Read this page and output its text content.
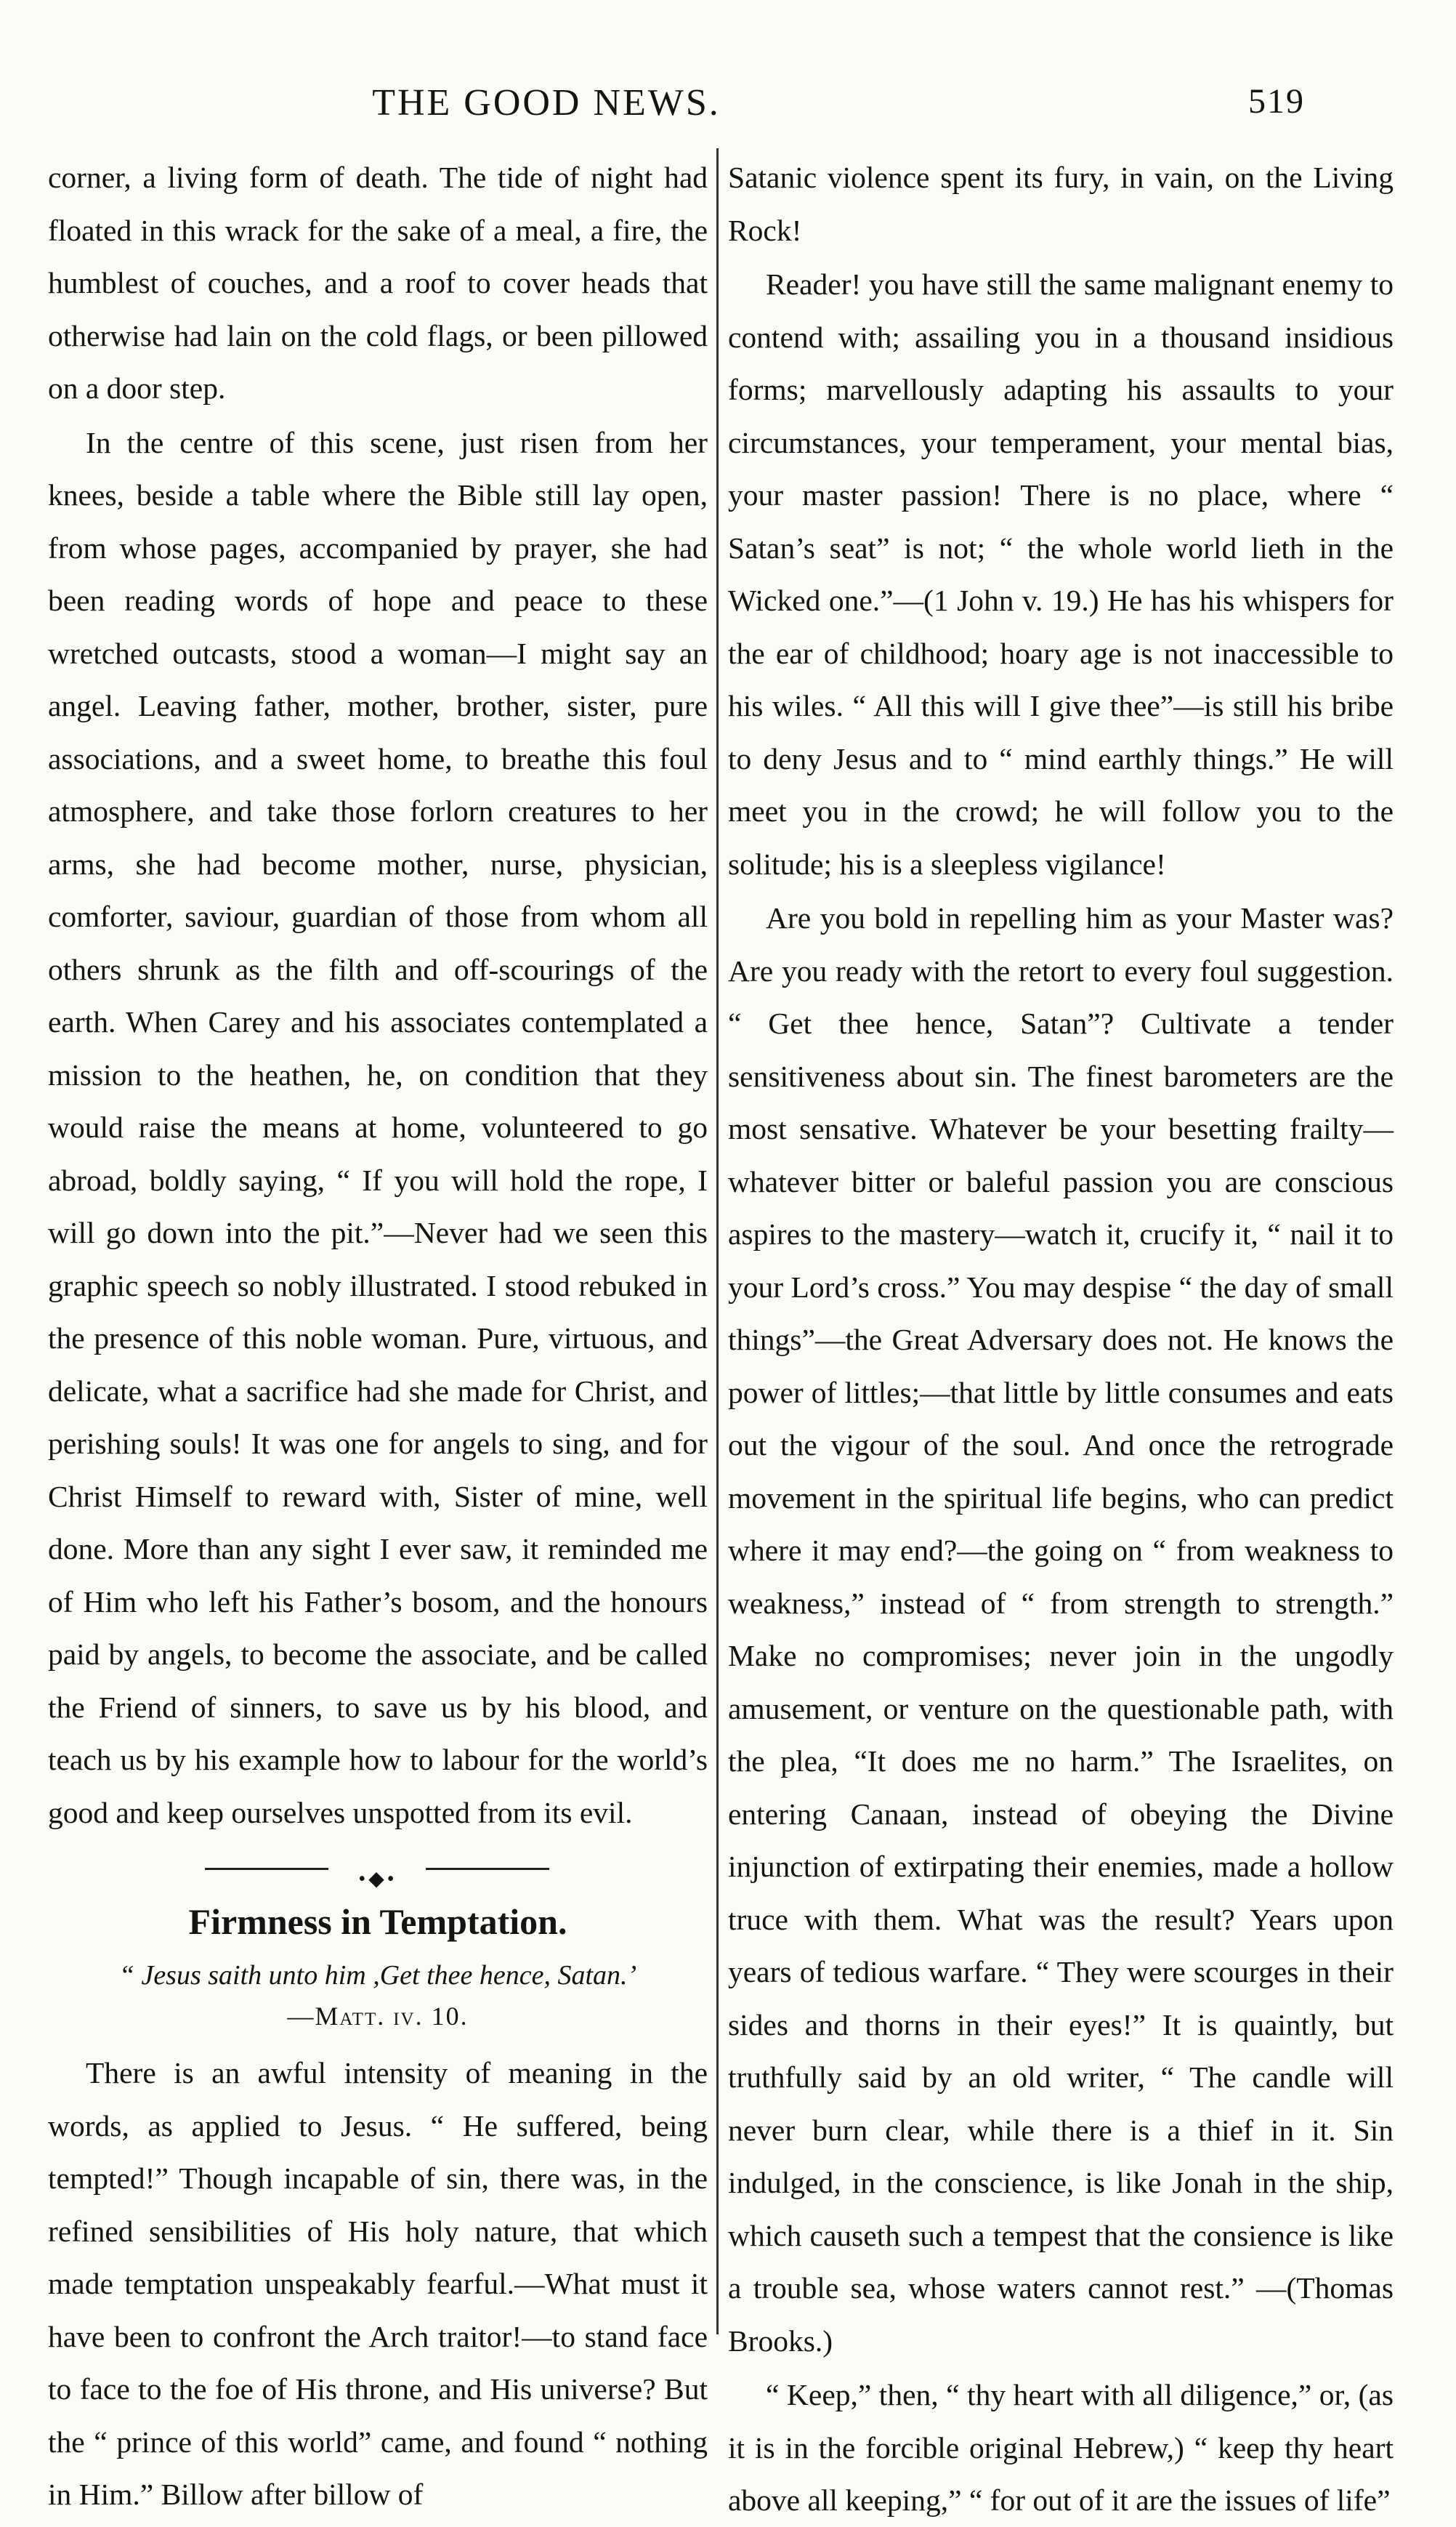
THE GOOD NEWS.	519

corner, a living form of death. The tide of night had floated in this wrack for the sake of a meal, a fire, the humblest of couches, and a roof to cover heads that otherwise had lain on the cold flags, or been pillowed on a door step.

In the centre of this scene, just risen from her knees, beside a table where the Bible still lay open, from whose pages, accompanied by prayer, she had been reading words of hope and peace to these wretched outcasts, stood a woman—I might say an angel. Leaving father, mother, brother, sister, pure associations, and a sweet home, to breathe this foul atmosphere, and take those forlorn creatures to her arms, she had become mother, nurse, physician, comforter, saviour, guardian of those from whom all others shrunk as the filth and off-scourings of the earth. When Carey and his associates contemplated a mission to the heathen, he, on condition that they would raise the means at home, volunteered to go abroad, boldly saying, “ If you will hold the rope, I will go down into the pit.”—Never had we seen this graphic speech so nobly illustrated. I stood rebuked in the presence of this noble woman. Pure, virtuous, and delicate, what a sacrifice had she made for Christ, and perishing souls! It was one for angels to sing, and for Christ Himself to reward with, Sister of mine, well done. More than any sight I ever saw, it reminded me of Him who left his Father’s bosom, and the honours paid by angels, to become the associate, and be called the Friend of sinners, to save us by his blood, and teach us by his example how to labour for the world’s good and keep ourselves unspotted from its evil.

•◆•
Firmness in Temptation.
“ Jesus saith unto him ,Get thee hence, Satan.’
—Matt. iv. 10.

There is an awful intensity of meaning in the words, as applied to Jesus. “ He suffered, being tempted!” Though incapable of sin, there was, in the refined sensibilities of His holy nature, that which made temptation unspeakably fearful.—What must it have been to confront the Arch traitor!—to stand face to face to the foe of His throne, and His universe? But the “ prince of this world” came, and found “ nothing in Him.” Billow after billow of

Satanic violence spent its fury, in vain, on the Living Rock!

Reader! you have still the same malignant enemy to contend with; assailing you in a thousand insidious forms; marvellously adapting his assaults to your circumstances, your temperament, your mental bias, your master passion! There is no place, where “ Satan’s seat” is not; “ the whole world lieth in the Wicked one.”—(1 John v. 19.) He has his whispers for the ear of childhood; hoary age is not inaccessible to his wiles. “ All this will I give thee”—is still his bribe to deny Jesus and to “ mind earthly things.” He will meet you in the crowd; he will follow you to the solitude; his is a sleepless vigilance!

Are you bold in repelling him as your Master was? Are you ready with the retort to every foul suggestion. “ Get thee hence, Satan”? Cultivate a tender sensitiveness about sin. The finest barometers are the most sensative. Whatever be your besetting frailty—whatever bitter or baleful passion you are conscious aspires to the mastery—watch it, crucify it, “ nail it to your Lord’s cross.” You may despise “ the day of small things”—the Great Adversary does not. He knows the power of littles;—that little by little consumes and eats out the vigour of the soul. And once the retrograde movement in the spiritual life begins, who can predict where it may end?—the going on “ from weakness to weakness,” instead of “ from strength to strength.” Make no compromises; never join in the ungodly amusement, or venture on the questionable path, with the plea, “It does me no harm.” The Israelites, on entering Canaan, instead of obeying the Divine injunction of extirpating their enemies, made a hollow truce with them. What was the result? Years upon years of tedious warfare. “ They were scourges in their sides and thorns in their eyes!” It is quaintly, but truthfully said by an old writer, “ The candle will never burn clear, while there is a thief in it. Sin indulged, in the conscience, is like Jonah in the ship, which causeth such a tempest that the consience is like a trouble sea, whose waters cannot rest.” —(Thomas Brooks.)

“ Keep,” then, “ thy heart with all diligence,” or, (as it is in the forcible original Hebrew,) “ keep thy heart above all keeping,” “ for out of it are the issues of life”
